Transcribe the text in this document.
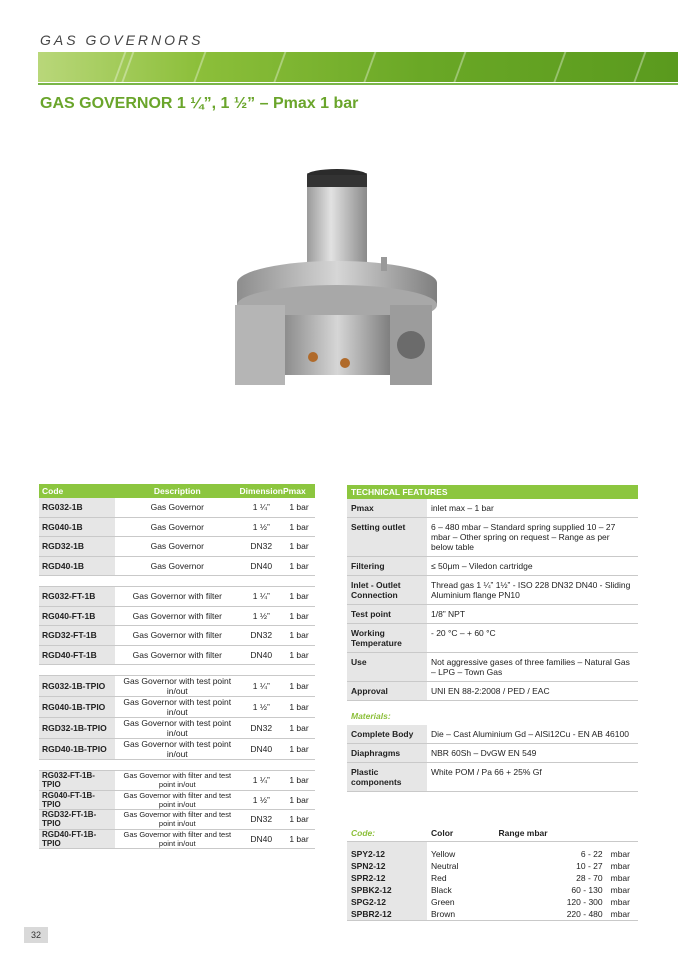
GAS GOVERNORS
GAS GOVERNOR 1 ¼”, 1 ½” – Pmax 1 bar
Code	Description	Dimension	Pmax
RG032-1B	Gas Governor	1 ¼”	1 bar
RG040-1B	Gas Governor	1 ½”	1 bar
RGD32-1B	Gas Governor	DN32	1 bar
RGD40-1B	Gas Governor	DN40	1 bar

RG032-FT-1B	Gas Governor with filter	1 ¼”	1 bar
RG040-FT-1B	Gas Governor with filter	1 ½”	1 bar
RGD32-FT-1B	Gas Governor with filter	DN32	1 bar
RGD40-FT-1B	Gas Governor with filter	DN40	1 bar

RG032-1B-TPIO	Gas Governor with test point in/out	1 ¼”	1 bar
RG040-1B-TPIO	Gas Governor with test point in/out	1 ½”	1 bar
RGD32-1B-TPIO	Gas Governor with test point in/out	DN32	1 bar
RGD40-1B-TPIO	Gas Governor with test point in/out	DN40	1 bar

RG032-FT-1B-TPIO	Gas Governor with filter and test point in/out	1 ¼”	1 bar
RG040-FT-1B-TPIO	Gas Governor with filter and test point in/out	1 ½”	1 bar
RGD32-FT-1B-TPIO	Gas Governor with filter and test point in/out	DN32	1 bar
RGD40-FT-1B-TPIO	Gas Governor with filter and test point in/out	DN40	1 bar
TECHNICAL FEATURES	
Pmax	inlet max – 1 bar
Setting outlet	6 – 480 mbar – Standard spring supplied 10 – 27 mbar – Other spring on request – Range as per below table
Filtering	≤ 50μm – Viledon cartridge
Inlet - Outlet Connection	Thread gas 1 ¼” 1½” - ISO 228 DN32 DN40 - Sliding Aluminium flange PN10
Test point	1/8” NPT
Working Temperature	- 20 °C – + 60 °C
Use	Not aggressive gases of three families – Natural Gas – LPG – Town Gas
Approval	UNI EN 88-2:2008 / PED / EAC
Materials:	
Complete Body	Die – Cast Aluminium Gd – AlSi12Cu - EN AB 46100
Diaphragms	NBR 60Sh – DvGW EN 549
Plastic components	White POM / Pa 66 + 25% Gf
Code:	Color	Range mbar
SPY2-12	Yellow	6 - 22 mbar
SPN2-12	Neutral	10 - 27 mbar
SPR2-12	Red	28 - 70 mbar
SPBK2-12	Black	60 - 130 mbar
SPG2-12	Green	120 - 300 mbar
SPBR2-12	Brown	220 - 480 mbar
32
